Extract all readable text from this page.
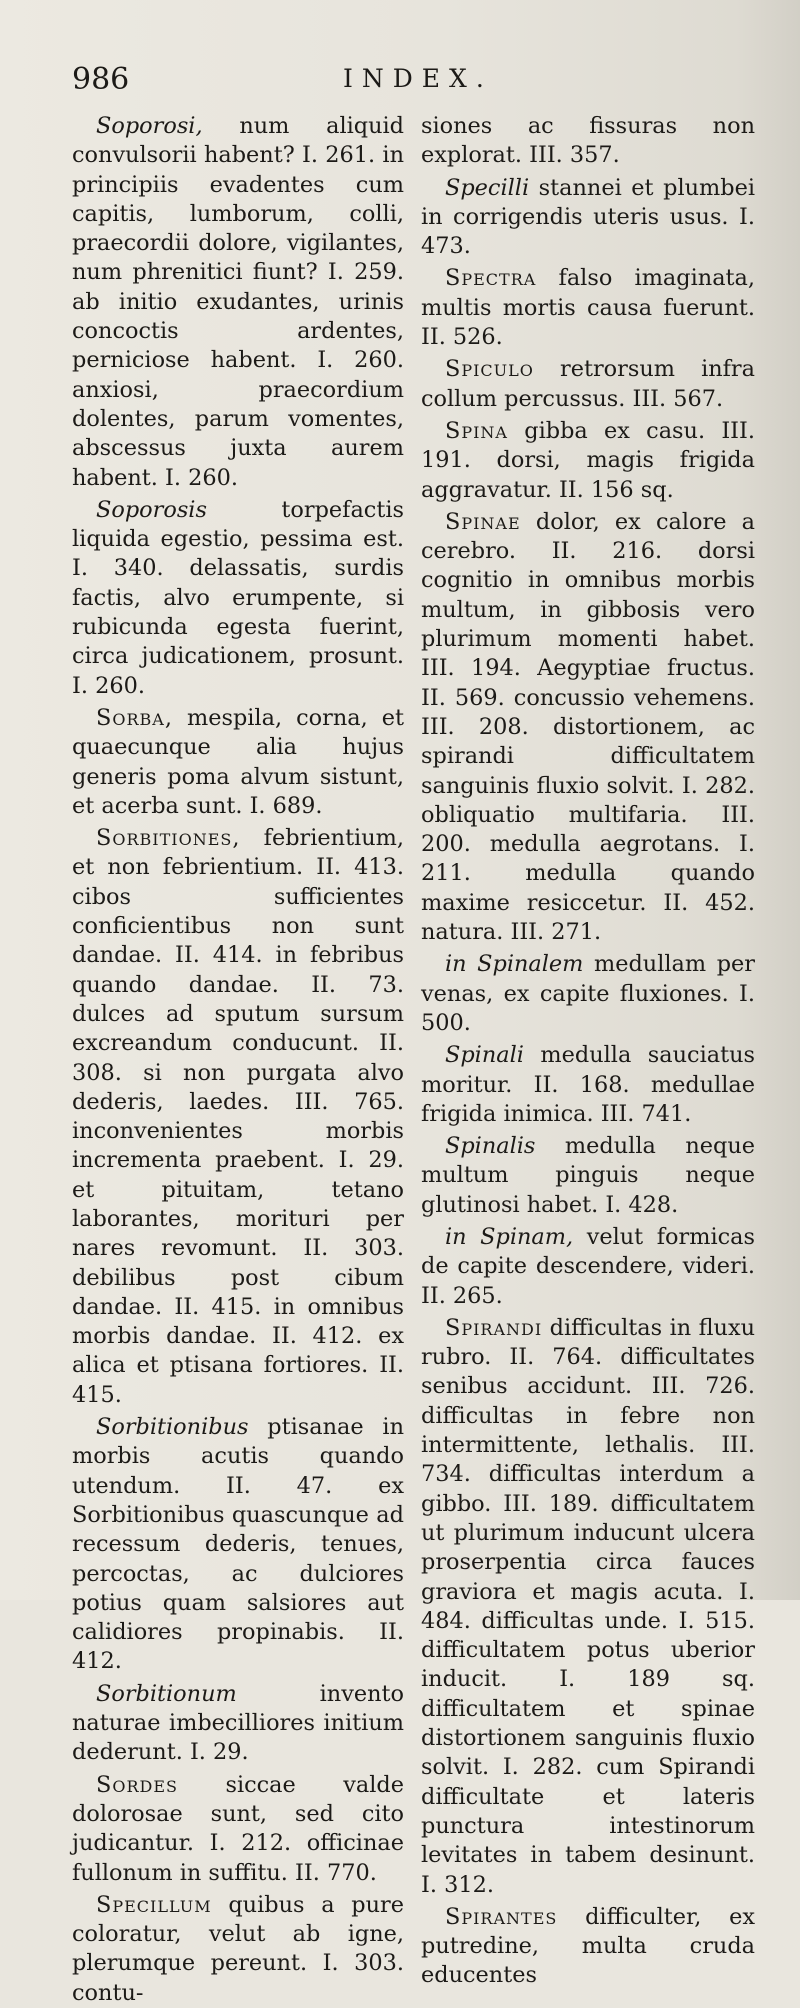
986	INDEX.

Soporosi, num aliquid convulsorii habent? I. 261. in principiis evadentes cum capitis, lumborum, colli, praecordii dolore, vigilantes, num phrenitici fiunt? I. 259. ab initio exudantes, urinis concoctis ardentes, perniciose habent. I. 260. anxiosi, praecordium dolentes, parum vomentes, abscessus juxta aurem habent. I. 260.

Soporosis	torpefactis liquida egestio, pessima est. I. 340. delassatis, surdis factis, alvo erumpente, si rubicunda egesta fuerint, circa judicationem, prosunt. I. 260.

Sorba, mespila, corna, et quaecunque alia hujus generis poma alvum sistunt, et acerba sunt. I. 689.

Sorbitiones, febrientium, et non febrientium. II. 413. cibos sufficientes conficientibus non sunt dandae. II. 414. in febribus quando dandae. II. 73. dulces ad sputum sursum excreandum conducunt. II. 308. si non purgata alvo dederis, laedes. III. 765. inconvenientes morbis incrementa praebent. I. 29. et pituitam, tetano laborantes, morituri per nares revomunt. II. 303. debilibus post cibum dandae. II. 415. in omnibus morbis dandae. II. 412. ex alica et ptisana fortiores. II. 415.

Sorbitionibus ptisanae in morbis acutis quando utendum. II. 47. ex Sorbitionibus quascunque ad recessum dederis, tenues, percoctas, ac dulciores potius quam salsiores aut calidiores propinabis. II. 412.

Sorbitionum	invento naturae imbecilliores initium dederunt. I. 29.

Sordes siccae valde dolorosae sunt, sed cito judicantur. I. 212. officinae fullonum in suffitu. II. 770.

Specillum quibus a pure coloratur, velut ab igne, plerumque pereunt. I. 303. contu-

siones ac fissuras non explorat. III. 357.

Specilli stannei et plumbei in corrigendis uteris usus. I. 473.

Spectra falso imaginata, multis mortis causa fuerunt. II. 526.

Spiculo retrorsum infra collum percussus. III. 567.

Spina gibba ex casu. III. 191. dorsi, magis frigida aggravatur. II. 156 sq.

Spinae dolor, ex calore a cerebro. II. 216. dorsi cognitio in omnibus morbis multum, in gibbosis vero plurimum momenti habet. III. 194. Aegyptiae fructus. II. 569. concussio vehemens. III. 208. distortionem, ac spirandi difficultatem sanguinis fluxio solvit. I. 282. obliquatio multifaria. III. 200. medulla aegrotans. I. 211. medulla quando maxime resiccetur. II. 452. natura. III. 271.

in Spinalem medullam per venas, ex capite fluxiones. I. 500.

Spinali medulla sauciatus moritur. II. 168. medullae frigida inimica. III. 741.

Spinalis medulla neque multum pinguis neque glutinosi habet. I. 428.

in Spinam, velut formicas de capite descendere, videri. II. 265.

Spirandi difficultas in fluxu rubro. II. 764. difficultates senibus accidunt. III. 726. difficultas in febre non intermittente, lethalis. III. 734. difficultas interdum a gibbo. III. 189. difficultatem ut plurimum inducunt ulcera proserpentia circa fauces graviora et magis acuta. I. 484. difficultas unde. I. 515. difficultatem potus uberior inducit. I. 189 sq. difficultatem et spinae distortionem sanguinis fluxio solvit. I. 282. cum Spirandi difficultate et lateris punctura intestinorum levitates in tabem desinunt. I. 312.

Spirantes difficulter, ex putredine, multa cruda educentes
